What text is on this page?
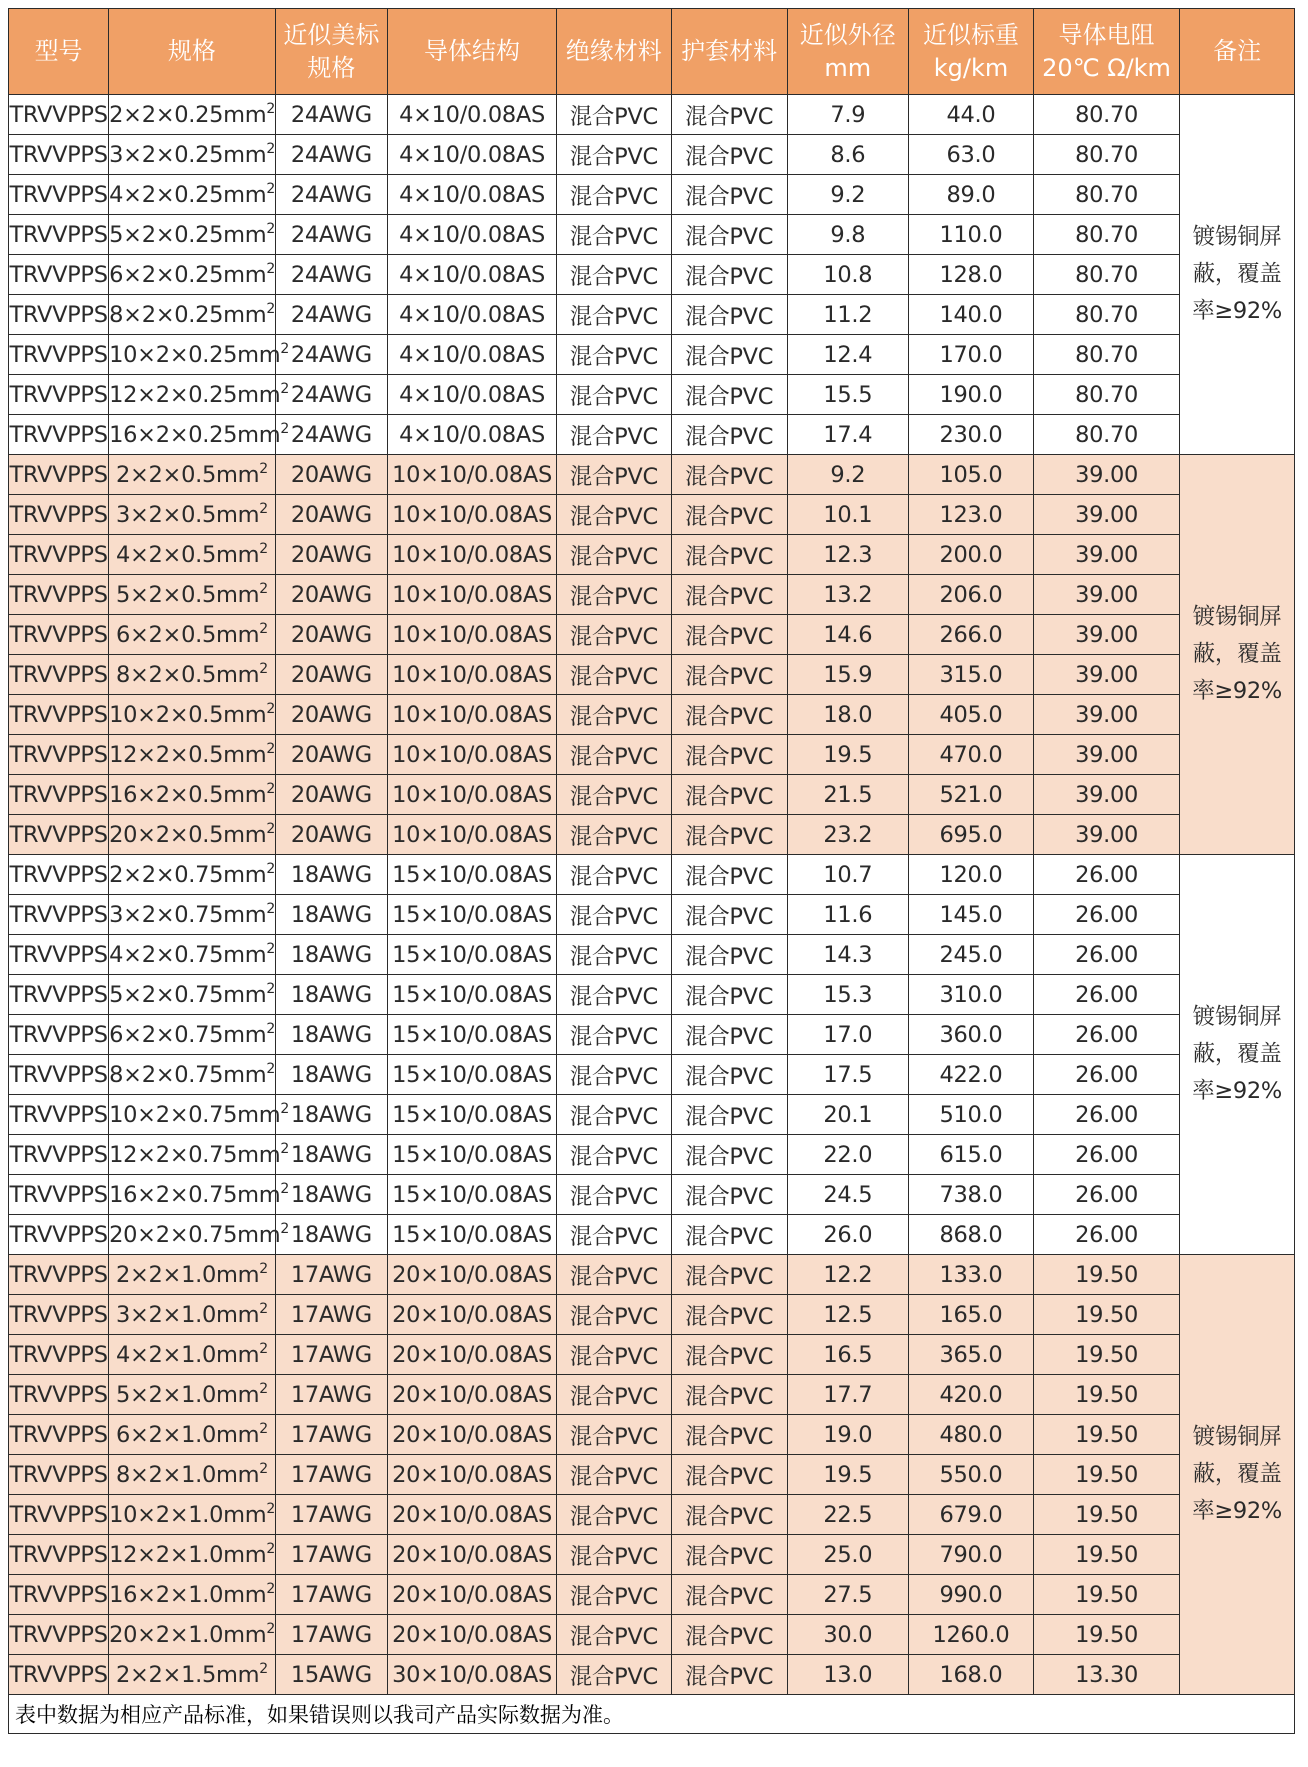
型号	规格	近似美标规格	导体结构	绝缘材料	护套材料	近似外径mm	近似标重kg/km	导体电阻20℃ Ω/km	备注
TRVVPPS	$2\times 2\times 0.25mm^2$	24AWG	4×10/0.08AS	混合PVC	混合PVC	7.9	44.0	80.70	镀锡铜屏蔽，覆盖率≥92%
TRVVPPS	$3\times 2\times 0.25mm^2$	24AWG	4×10/0.08AS	混合PVC	混合PVC	8.6	63.0	80.70	
TRVVPPS	$4\times 2\times 0.25mm^2$	24AWG	4×10/0.08AS	混合PVC	混合PVC	9.2	89.0	80.70	
TRVVPPS	$5\times 2\times 0.25mm^2$	24AWG	4×10/0.08AS	混合PVC	混合PVC	9.8	110.0	80.70	
TRVVPPS	$6\times 2\times 0.25mm^2$	24AWG	4×10/0.08AS	混合PVC	混合PVC	10.8	128.0	80.70	
TRVVPPS	$8\times 2\times 0.25mm^2$	24AWG	4×10/0.08AS	混合PVC	混合PVC	11.2	140.0	80.70	
TRVVPPS	$10\times 2\times 0.25mm^2$	24AWG	4×10/0.08AS	混合PVC	混合PVC	12.4	170.0	80.70	
TRVVPPS	$12\times 2\times 0.25mm^2$	24AWG	4×10/0.08AS	混合PVC	混合PVC	15.5	190.0	80.70	
TRVVPPS	$16\times 2\times 0.25mm^2$	24AWG	4×10/0.08AS	混合PVC	混合PVC	17.4	230.0	80.70	
TRVVPPS	$2\times 2\times 0.5mm^2$	20AWG	10×10/0.08AS	混合PVC	混合PVC	9.2	105.0	39.00	镀锡铜屏蔽，覆盖率≥92%
TRVVPPS	$3\times 2\times 0.5mm^2$	20AWG	10×10/0.08AS	混合PVC	混合PVC	10.1	123.0	39.00	
TRVVPPS	$4\times 2\times 0.5mm^2$	20AWG	10×10/0.08AS	混合PVC	混合PVC	12.3	200.0	39.00	
TRVVPPS	$5\times 2\times 0.5mm^2$	20AWG	10×10/0.08AS	混合PVC	混合PVC	13.2	206.0	39.00	
TRVVPPS	$6\times 2\times 0.5mm^2$	20AWG	10×10/0.08AS	混合PVC	混合PVC	14.6	266.0	39.00	
TRVVPPS	$8\times 2\times 0.5mm^2$	20AWG	10×10/0.08AS	混合PVC	混合PVC	15.9	315.0	39.00	
TRVVPPS	$10\times 2\times 0.5mm^2$	20AWG	10×10/0.08AS	混合PVC	混合PVC	18.0	405.0	39.00	
TRVVPPS	$12\times 2\times 0.5mm^2$	20AWG	10×10/0.08AS	混合PVC	混合PVC	19.5	470.0	39.00	
TRVVPPS	$16\times 2\times 0.5mm^2$	20AWG	10×10/0.08AS	混合PVC	混合PVC	21.5	521.0	39.00	
TRVVPPS	$20\times 2\times 0.5mm^2$	20AWG	10×10/0.08AS	混合PVC	混合PVC	23.2	695.0	39.00	
TRVVPPS	$2\times 2\times 0.75mm^2$	18AWG	15×10/0.08AS	混合PVC	混合PVC	10.7	120.0	26.00	镀锡铜屏蔽，覆盖率≥92%
TRVVPPS	$3\times 2\times 0.75mm^2$	18AWG	15×10/0.08AS	混合PVC	混合PVC	11.6	145.0	26.00	
TRVVPPS	$4\times 2\times 0.75mm^2$	18AWG	15×10/0.08AS	混合PVC	混合PVC	14.3	245.0	26.00	
TRVVPPS	$5\times 2\times 0.75mm^2$	18AWG	15×10/0.08AS	混合PVC	混合PVC	15.3	310.0	26.00	
TRVVPPS	$6\times 2\times 0.75mm^2$	18AWG	15×10/0.08AS	混合PVC	混合PVC	17.0	360.0	26.00	
TRVVPPS	$8\times 2\times 0.75mm^2$	18AWG	15×10/0.08AS	混合PVC	混合PVC	17.5	422.0	26.00	
TRVVPPS	$10\times 2\times 0.75mm^2$	18AWG	15×10/0.08AS	混合PVC	混合PVC	20.1	510.0	26.00	
TRVVPPS	$12\times 2\times 0.75mm^2$	18AWG	15×10/0.08AS	混合PVC	混合PVC	22.0	615.0	26.00	
TRVVPPS	$16\times 2\times 0.75mm^2$	18AWG	15×10/0.08AS	混合PVC	混合PVC	24.5	738.0	26.00	
TRVVPPS	$20\times 2\times 0.75mm^2$	18AWG	15×10/0.08AS	混合PVC	混合PVC	26.0	868.0	26.00	
TRVVPPS	$2\times 2\times 1.0mm^2$	17AWG	20×10/0.08AS	混合PVC	混合PVC	12.2	133.0	19.50	镀锡铜屏蔽，覆盖率≥92%
TRVVPPS	$3\times 2\times 1.0mm^2$	17AWG	20×10/0.08AS	混合PVC	混合PVC	12.5	165.0	19.50	
TRVVPPS	$4\times 2\times 1.0mm^2$	17AWG	20×10/0.08AS	混合PVC	混合PVC	16.5	365.0	19.50	
TRVVPPS	$5\times 2\times 1.0mm^2$	17AWG	20×10/0.08AS	混合PVC	混合PVC	17.7	420.0	19.50	
TRVVPPS	$6\times 2\times 1.0mm^2$	17AWG	20×10/0.08AS	混合PVC	混合PVC	19.0	480.0	19.50	
TRVVPPS	$8\times 2\times 1.0mm^2$	17AWG	20×10/0.08AS	混合PVC	混合PVC	19.5	550.0	19.50	
TRVVPPS	$10\times 2\times 1.0mm^2$	17AWG	20×10/0.08AS	混合PVC	混合PVC	22.5	679.0	19.50	
TRVVPPS	$12\times 2\times 1.0mm^2$	17AWG	20×10/0.08AS	混合PVC	混合PVC	25.0	790.0	19.50	
TRVVPPS	$16\times 2\times 1.0mm^2$	17AWG	20×10/0.08AS	混合PVC	混合PVC	27.5	990.0	19.50	
TRVVPPS	$20\times 2\times 1.0mm^2$	17AWG	20×10/0.08AS	混合PVC	混合PVC	30.0	1260.0	19.50	
TRVVPPS	$2\times 2\times 1.5mm^2$	15AWG	30×10/0.08AS	混合PVC	混合PVC	13.0	168.0	13.30	
表中数据为相应产品标准，如果错误则以我司产品实际数据为准。									
